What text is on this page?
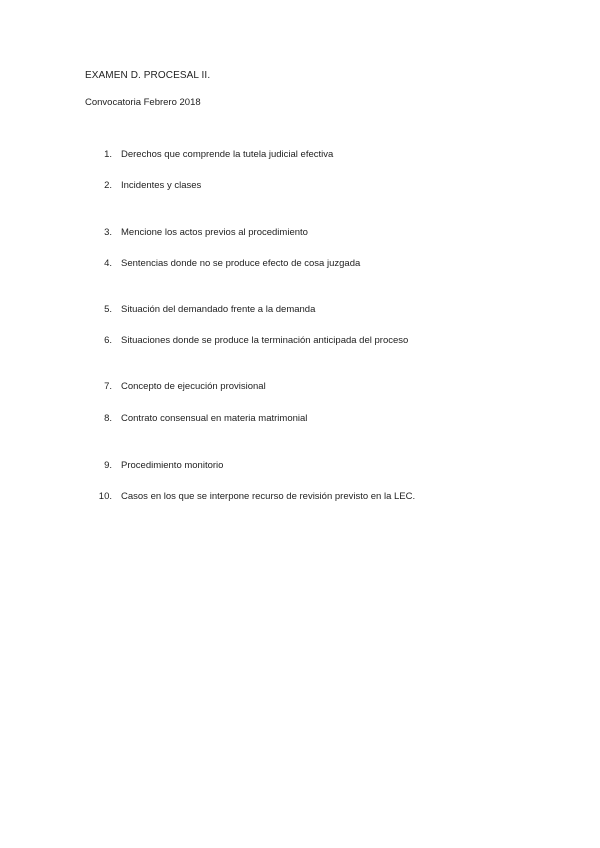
EXAMEN D. PROCESAL II.
Convocatoria Febrero 2018
1. Derechos que comprende la tutela judicial efectiva
2. Incidentes y clases
3. Mencione los actos previos al procedimiento
4. Sentencias donde no se produce efecto de cosa juzgada
5. Situación del demandado frente a la demanda
6. Situaciones donde se produce la terminación anticipada del proceso
7. Concepto de ejecución provisional
8. Contrato consensual en materia matrimonial
9. Procedimiento monitorio
10. Casos en los que se interpone recurso de revisión previsto en la LEC.
